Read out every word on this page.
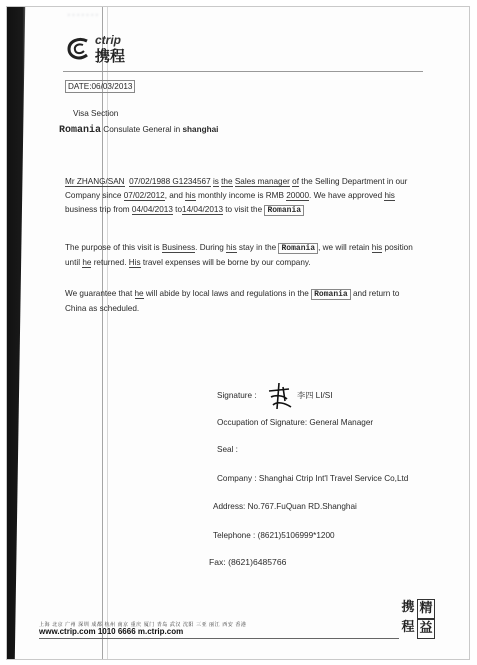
·······
ctrip
携程
DATE:06/03/2013
Visa Section
Romania Consulate General in shanghai
Mr ZHANG/SAN 07/02/1988 G1234567 is the Sales manager of the Selling Department in our Company since 07/02/2012, and his monthly income is RMB 20000. We have approved his business trip from 04/04/2013 to14/04/2013 to visit the Romania
The purpose of this visit is Business. During his stay in the Romania , we will retain his position until he returned. His travel expenses will be borne by our company.
We guarantee that he will abide by local laws and regulations in the Romania and return to
China as scheduled.
Signature :	李四 LI/SI
Occupation of Signature: General Manager
Seal :
Company : Shanghai Ctrip Int'l Travel Service Co,Ltd
Address: No.767.FuQuan RD.Shanghai
Telephone : (8621)5106999*1200
Fax: (8621)6485766
上海 北京 广州 深圳 成都 杭州 南京 重庆 厦门 青岛 武汉 沈阳 三亚 丽江 西安 香港
www.ctrip.com 1010 6666 m.ctrip.com
携 精
程 益
